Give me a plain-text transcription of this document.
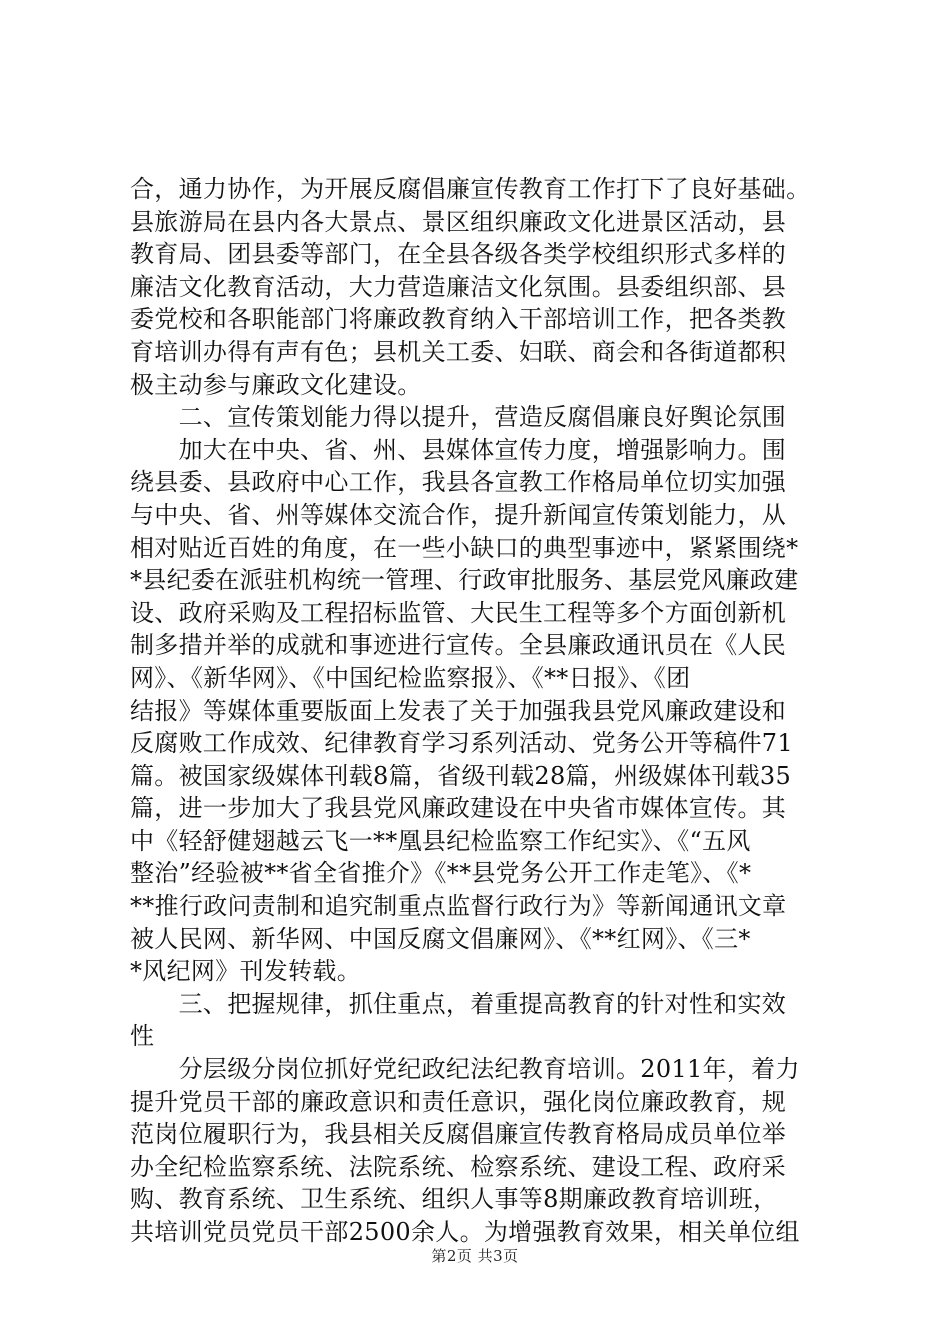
合，通力协作，为开展反腐倡廉宣传教育工作打下了良好基础。
县旅游局在县内各大景点、景区组织廉政文化进景区活动，县
教育局、团县委等部门，在全县各级各类学校组织形式多样的
廉洁文化教育活动，大力营造廉洁文化氛围。县委组织部、县
委党校和各职能部门将廉政教育纳入干部培训工作，把各类教
育培训办得有声有色；县机关工委、妇联、商会和各街道都积
极主动参与廉政文化建设。
　　二、宣传策划能力得以提升，营造反腐倡廉良好舆论氛围
　　加大在中央、省、州、县媒体宣传力度，增强影响力。围
绕县委、县政府中心工作，我县各宣教工作格局单位切实加强
与中央、省、州等媒体交流合作，提升新闻宣传策划能力，从
相对贴近百姓的角度，在一些小缺口的典型事迹中，紧紧围绕*
*县纪委在派驻机构统一管理、行政审批服务、基层党风廉政建
设、政府采购及工程招标监管、大民生工程等多个方面创新机
制多措并举的成就和事迹进行宣传。全县廉政通讯员在《人民
网》、《新华网》、《中国纪检监察报》、《**日报》、《团
结报》等媒体重要版面上发表了关于加强我县党风廉政建设和
反腐败工作成效、纪律教育学习系列活动、党务公开等稿件71
篇。被国家级媒体刊载8篇，省级刊载28篇，州级媒体刊载35
篇，进一步加大了我县党风廉政建设在中央省市媒体宣传。其
中《轻舒健翅越云飞一**凰县纪检监察工作纪实》、《“五风
整治”经验被**省全省推介》《**县党务公开工作走笔》、《*
**推行政问责制和追究制重点监督行政行为》等新闻通讯文章
被人民网、新华网、中国反腐文倡廉网》、《**红网》、《三*
*风纪网》刊发转载。
　　三、把握规律，抓住重点，着重提高教育的针对性和实效
性
　　分层级分岗位抓好党纪政纪法纪教育培训。2011年，着力
提升党员干部的廉政意识和责任意识，强化岗位廉政教育，规
范岗位履职行为，我县相关反腐倡廉宣传教育格局成员单位举
办全纪检监察系统、法院系统、检察系统、建设工程、政府采
购、教育系统、卫生系统、组织人事等8期廉政教育培训班，
共培训党员党员干部2500余人。为增强教育效果，相关单位组
第2页 共3页
